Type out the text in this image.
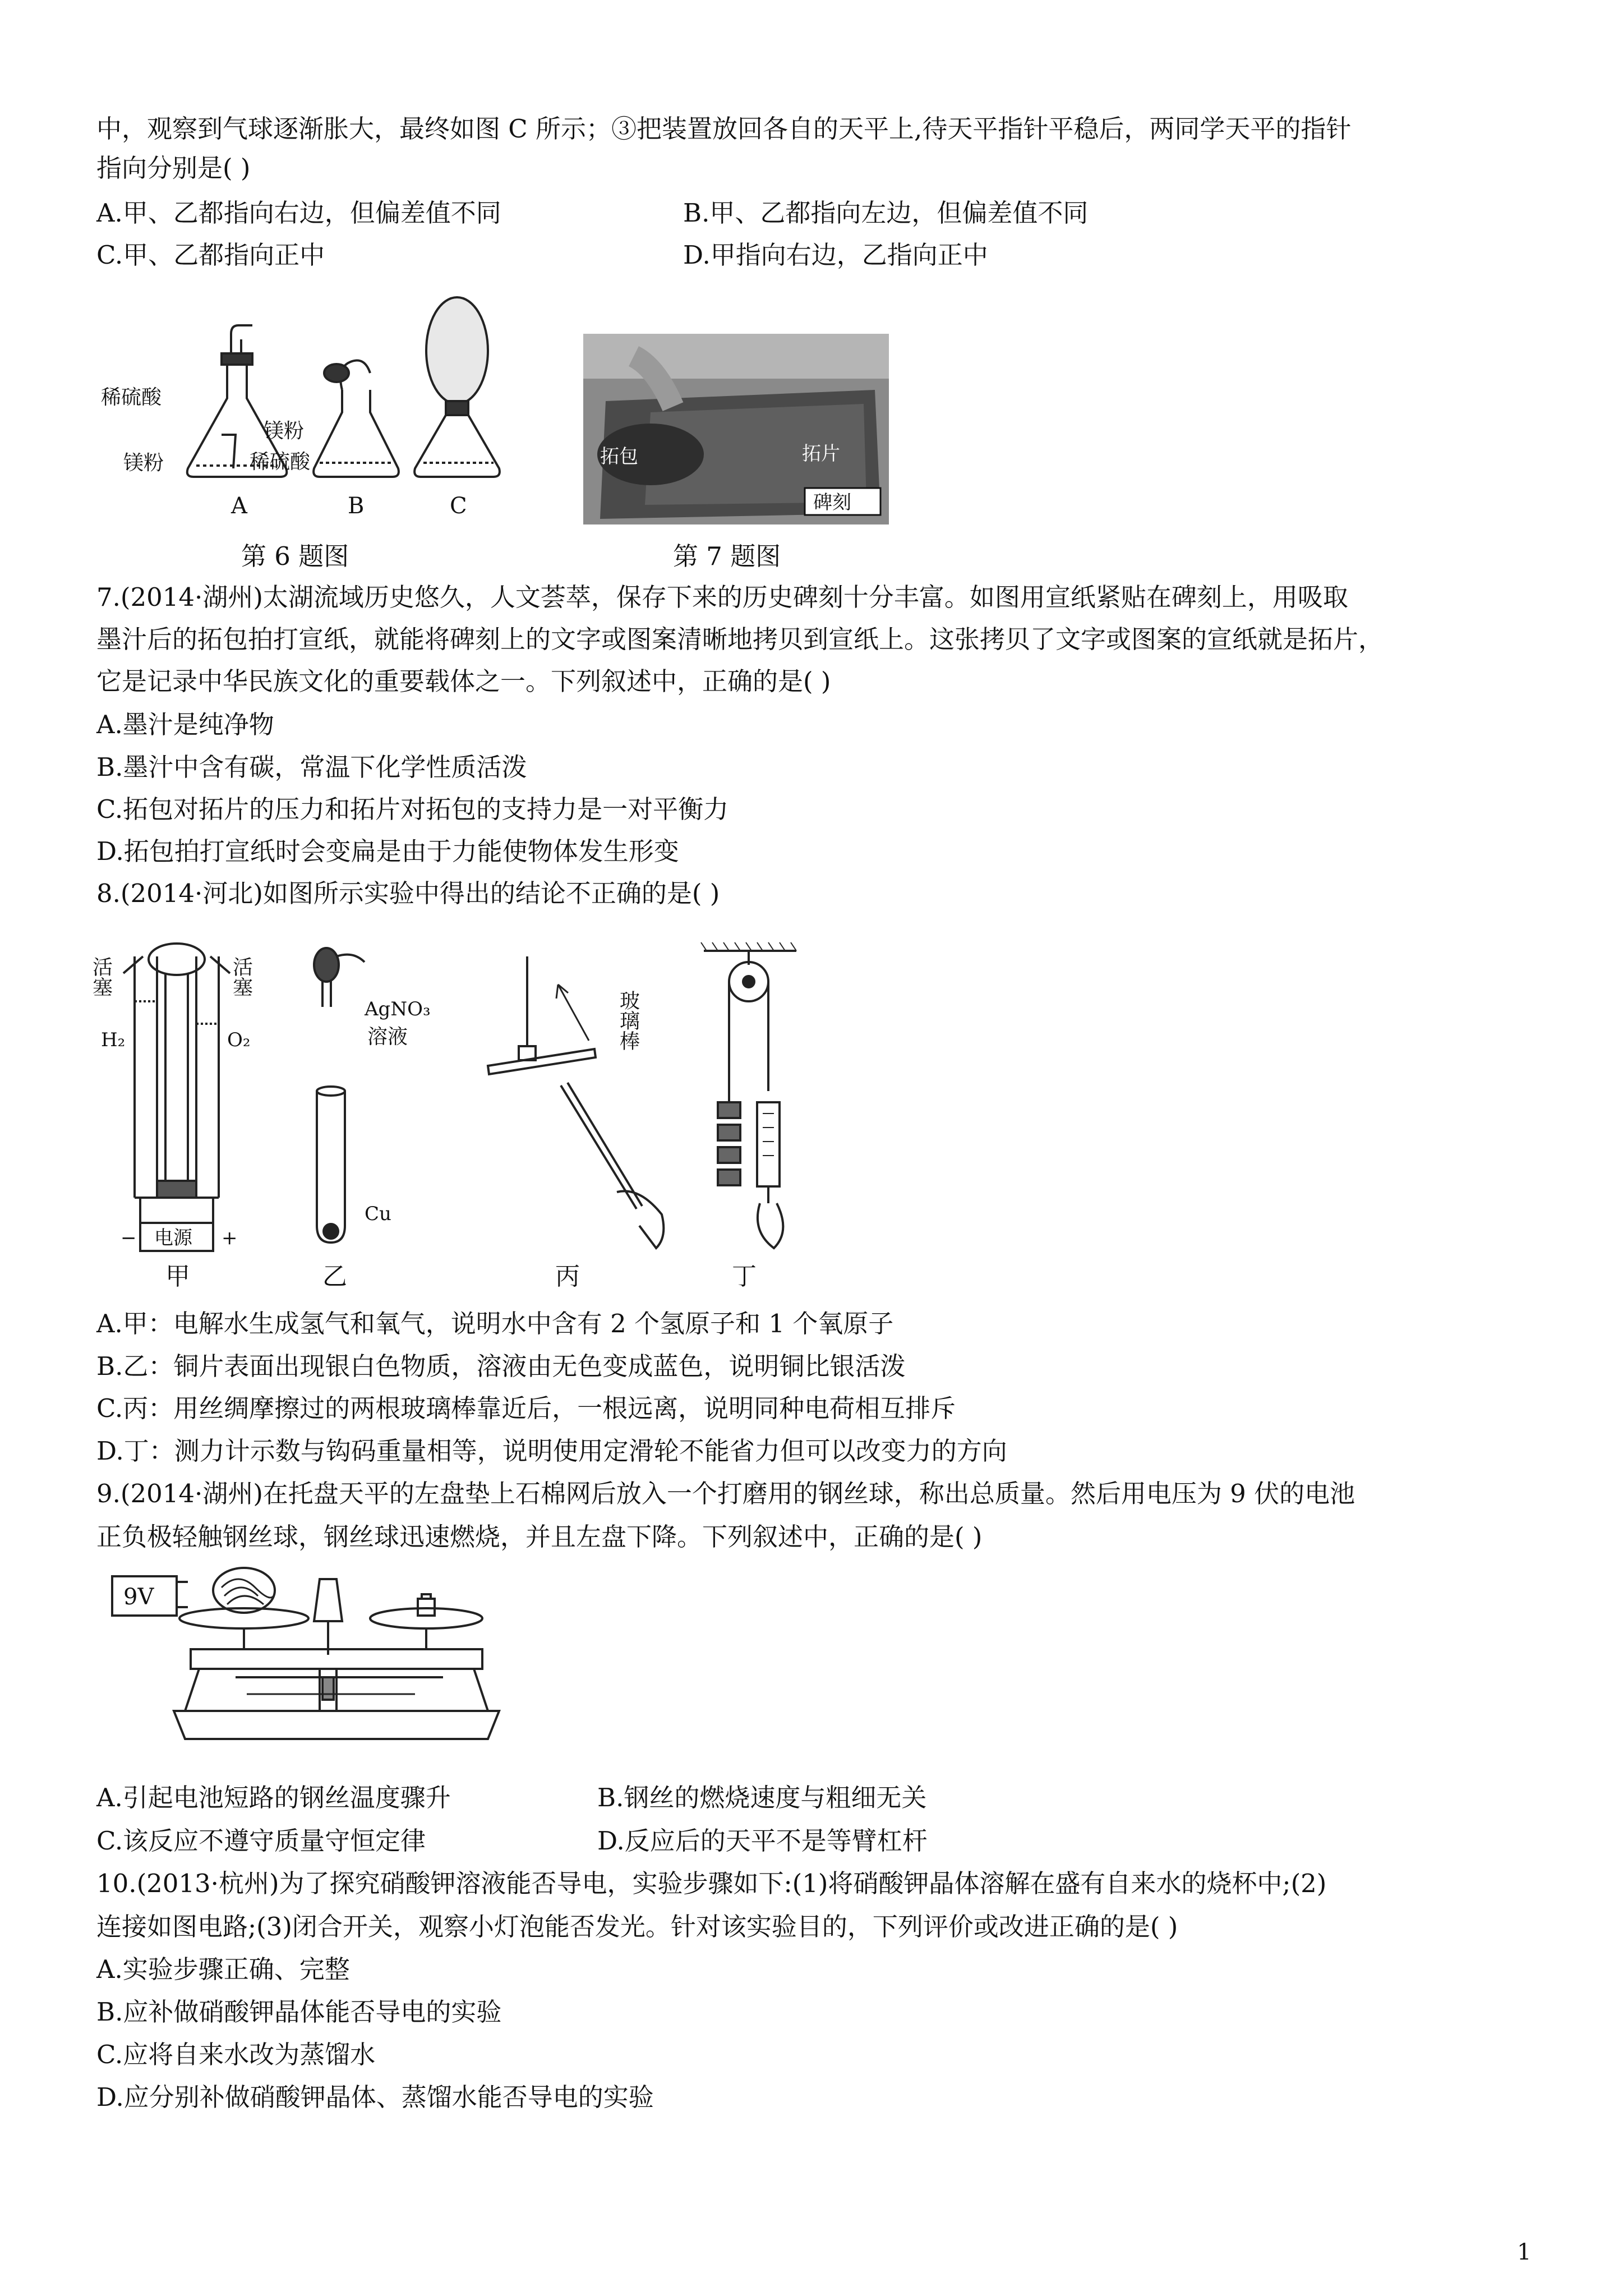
中，观察到气球逐渐胀大，最终如图 C 所示；③把装置放回各自的天平上,待天平指针平稳后，两同学天平的指针
指向分别是( )
A.甲、乙都指向右边，但偏差值不同	B.甲、乙都指向左边，但偏差值不同
C.甲、乙都指向正中	D.甲指向右边，乙指向正中
稀硫酸
镁粉
镁粉
稀硫酸
A	B	C
第 6 题图
拓包	拓片
碑刻
第 7 题图
7.(2014·湖州)太湖流域历史悠久，人文荟萃，保存下来的历史碑刻十分丰富。如图用宣纸紧贴在碑刻上，用吸取
墨汁后的拓包拍打宣纸，就能将碑刻上的文字或图案清晰地拷贝到宣纸上。这张拷贝了文字或图案的宣纸就是拓片，
它是记录中华民族文化的重要载体之一。下列叙述中，正确的是( )
A.墨汁是纯净物
B.墨汁中含有碳，常温下化学性质活泼
C.拓包对拓片的压力和拓片对拓包的支持力是一对平衡力
D.拓包拍打宣纸时会变扁是由于力能使物体发生形变
8.(2014·河北)如图所示实验中得出的结论不正确的是( )
活塞	活塞
H₂	O₂
电源
−	+
甲
AgNO₃
溶液
Cu
乙
玻璃棒
丙	丁
A.甲：电解水生成氢气和氧气，说明水中含有 2 个氢原子和 1 个氧原子
B.乙：铜片表面出现银白色物质，溶液由无色变成蓝色，说明铜比银活泼
C.丙：用丝绸摩擦过的两根玻璃棒靠近后，一根远离，说明同种电荷相互排斥
D.丁：测力计示数与钩码重量相等，说明使用定滑轮不能省力但可以改变力的方向
9.(2014·湖州)在托盘天平的左盘垫上石棉网后放入一个打磨用的钢丝球，称出总质量。然后用电压为 9 伏的电池
正负极轻触钢丝球，钢丝球迅速燃烧，并且左盘下降。下列叙述中，正确的是( )
9V
A.引起电池短路的钢丝温度骤升	B.钢丝的燃烧速度与粗细无关
C.该反应不遵守质量守恒定律	D.反应后的天平不是等臂杠杆
10.(2013·杭州)为了探究硝酸钾溶液能否导电，实验步骤如下:(1)将硝酸钾晶体溶解在盛有自来水的烧杯中;(2)
连接如图电路;(3)闭合开关，观察小灯泡能否发光。针对该实验目的，下列评价或改进正确的是( )
A.实验步骤正确、完整
B.应补做硝酸钾晶体能否导电的实验
C.应将自来水改为蒸馏水
D.应分别补做硝酸钾晶体、蒸馏水能否导电的实验
1
